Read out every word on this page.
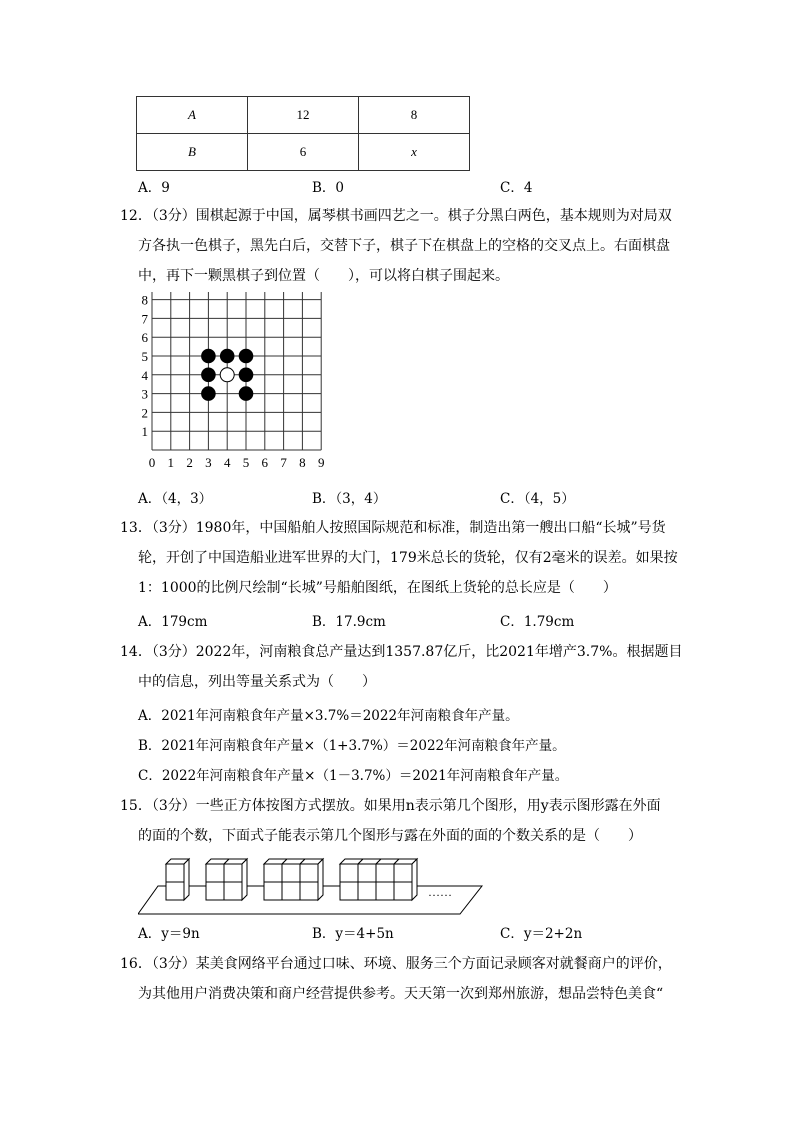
A	12	8
B	6	x
A．9	B．0	C．4
12．（3分）围棋起源于中国，属琴棋书画四艺之一。棋子分黑白两色，基本规则为对局双
方各执一色棋子，黑先白后，交替下子，棋子下在棋盘上的空格的交叉点上。右面棋盘
中，再下一颗黑棋子到位置（　　），可以将白棋子围起来。
0 1 2 3 4 5 6 7 8 9
1
2
3
4
5
6
7
8
A．（4，3）	B．（3，4）	C．（4，5）
13．（3分）1980年，中国船舶人按照国际规范和标准，制造出第一艘出口船“长城”号货
轮，开创了中国造船业进军世界的大门，179米总长的货轮，仅有2毫米的误差。如果按
1：1000的比例尺绘制“长城”号船舶图纸，在图纸上货轮的总长应是（　　）
A．179cm	B．17.9cm	C．1.79cm
14．（3分）2022年，河南粮食总产量达到1357.87亿斤，比2021年增产3.7%。根据题目
中的信息，列出等量关系式为（　　）
A．2021年河南粮食年产量×3.7%＝2022年河南粮食年产量。
B．2021年河南粮食年产量×（1+3.7%）＝2022年河南粮食年产量。
C．2022年河南粮食年产量×（1－3.7%）＝2021年河南粮食年产量。
15．（3分）一些正方体按图方式摆放。如果用n表示第几个图形，用y表示图形露在外面
的面的个数，下面式子能表示第几个图形与露在外面的面的个数关系的是（　　）
……
A．y＝9n	B．y＝4+5n	C．y＝2+2n
16．（3分）某美食网络平台通过口味、环境、服务三个方面记录顾客对就餐商户的评价，
为其他用户消费决策和商户经营提供参考。天天第一次到郑州旅游，想品尝特色美食“
